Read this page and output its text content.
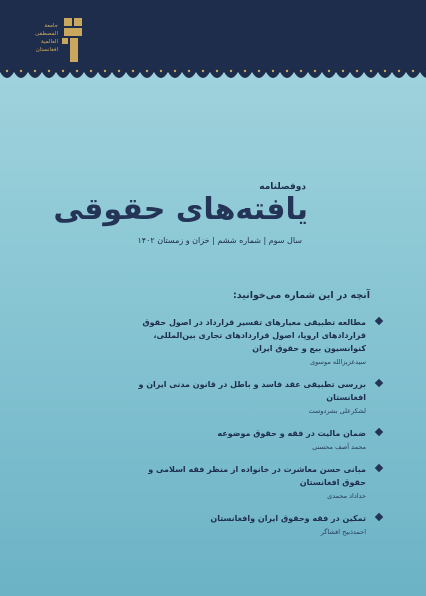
جامعة
المصطفی
العالمیة
افغانستان
دوفصلنامه
یافته‌های حقوقی
سال سوم | شماره ششم | خزان و زمستان ۱۴۰۲
آنچه در این شماره می‌خوانید:
مطالعه تطبیقی معیارهای تفسیر قرارداد در اصول حقوق قراردادهای اروپا، اصول قراردادهای تجاری بین‌المللی، کنوانسیون بیع و حقوق ایران
سیدعزیزالله موسوی
بررسی تطبیقی عقد فاسد و باطل در قانون مدنی ایران و افغانستان
لشکرعلی بشردوست
ضمان مالیت در فقه و حقوق موضوعه
محمد آصف محسنی
مبانی حسن معاشرت در خانواده از منظر فقه اسلامی و حقوق افغانستان
خداداد محمدی
تمکین در فقه وحقوق ایران وافغانستان
احمدذبیح افشاگر
